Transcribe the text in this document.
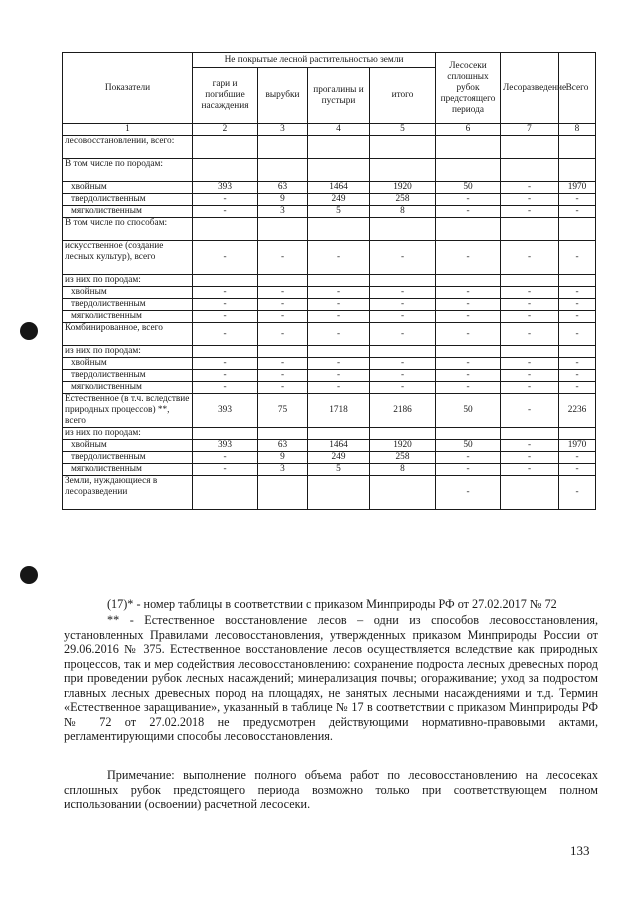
Показатели	Не покрытые лесной растительностью земли				Лесосеки сплошных рубок предстоящего периода	Лесоразведение	Всего
	гари и погибшие насаждения	вырубки	прогалины и пустыри	итого			
1	2	3	4	5	6	7	8
лесовосстановлении, всего:							
В том числе по породам:							
хвойным	393	63	1464	1920	50	-	1970
твердолиственным	-	9	249	258	-	-	-
мягколиственным	-	3	5	8	-	-	-
В том числе по способам:							
искусственное (создание лесных культур), всего	-	-	-	-	-	-	-
из них по породам:							
хвойным	-	-	-	-	-	-	-
твердолиственным	-	-	-	-	-	-	-
мягколиственным	-	-	-	-	-	-	-
Комбинированное, всего	-	-	-	-	-	-	-
из них по породам:							
хвойным	-	-	-	-	-	-	-
твердолиственным	-	-	-	-	-	-	-
мягколиственным	-	-	-	-	-	-	-
Естественное (в т.ч. вследствие природных процессов) **, всего	393	75	1718	2186	50	-	2236
из них по породам:							
хвойным	393	63	1464	1920	50	-	1970
твердолиственным	-	9	249	258	-	-	-
мягколиственным	-	3	5	8	-	-	-
Земли, нуждающиеся в лесоразведении					-		-

(17)* - номер таблицы в соответствии с приказом Минприроды РФ от 27.02.2017 № 72

** - Естественное восстановление лесов – одни из способов лесовосстановления, установленных Правилами лесовосстановления, утвержденных приказом Минприроды России от 29.06.2016 № 375. Естественное восстановление лесов осуществляется вследствие как природных процессов, так и мер содействия лесовосстановлению: сохранение подроста лесных древесных пород при проведении рубок лесных насаждений; минерализация почвы; огораживание; уход за подростом главных лесных древесных пород на площадях, не занятых лесными насаждениями и т.д. Термин «Естественное заращивание», указанный в таблице № 17 в соответствии с приказом Минприроды РФ № 72 от 27.02.2018 не предусмотрен действующими нормативно-правовыми актами, регламентирующими способы лесовосстановления.

Примечание: выполнение полного объема работ по лесовосстановлению на лесосеках сплошных рубок предстоящего периода возможно только при соответствующем полном использовании (освоении) расчетной лесосеки.

133
